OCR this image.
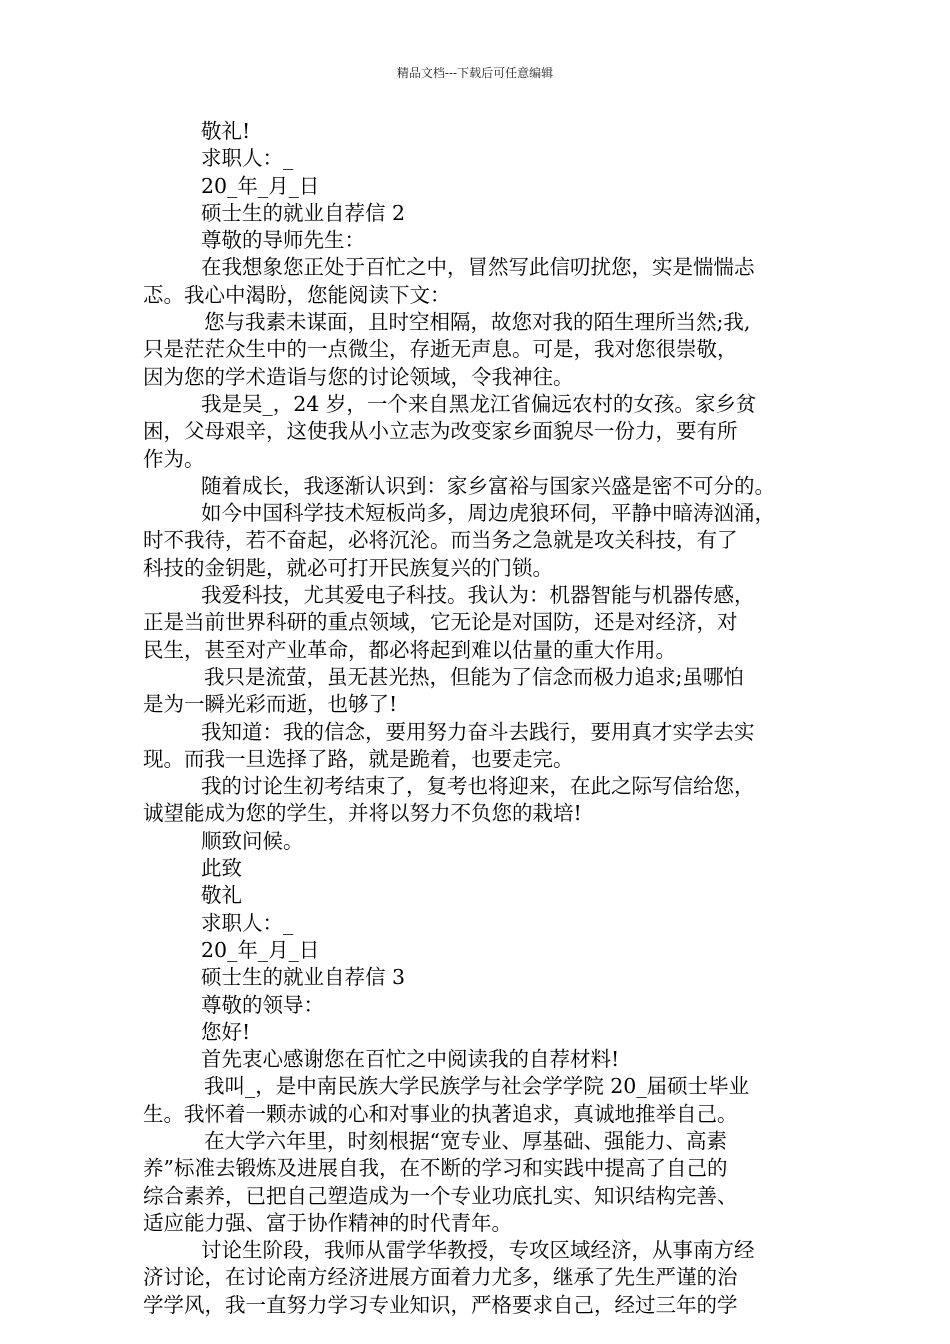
精品文档---下载后可任意编辑
敬礼!
求职人：_
20_年_月_日
硕士生的就业自荐信 2
尊敬的导师先生：
在我想象您正处于百忙之中，冒然写此信叨扰您，实是惴惴忐
忑。我心中渴盼，您能阅读下文：
您与我素未谋面，且时空相隔，故您对我的陌生理所当然;我,
只是茫茫众生中的一点微尘，存逝无声息。可是，我对您很崇敬，
因为您的学术造诣与您的讨论领域，令我神往。
我是吴_，24 岁，一个来自黑龙江省偏远农村的女孩。家乡贫
困，父母艰辛，这使我从小立志为改变家乡面貌尽一份力，要有所
作为。
随着成长，我逐渐认识到：家乡富裕与国家兴盛是密不可分的。
如今中国科学技术短板尚多，周边虎狼环伺，平静中暗涛汹涌，
时不我待，若不奋起，必将沉沦。而当务之急就是攻关科技，有了
科技的金钥匙，就必可打开民族复兴的门锁。
我爱科技，尤其爱电子科技。我认为：机器智能与机器传感，
正是当前世界科研的重点领域，它无论是对国防，还是对经济，对
民生，甚至对产业革命，都必将起到难以估量的重大作用。
我只是流萤，虽无甚光热，但能为了信念而极力追求;虽哪怕
是为一瞬光彩而逝，也够了!
我知道：我的信念，要用努力奋斗去践行，要用真才实学去实
现。而我一旦选择了路，就是跪着，也要走完。
我的讨论生初考结束了，复考也将迎来，在此之际写信给您，
诚望能成为您的学生，并将以努力不负您的栽培!
顺致问候。
此致
敬礼
求职人：_
20_年_月_日
硕士生的就业自荐信 3
尊敬的领导：
您好!
首先衷心感谢您在百忙之中阅读我的自荐材料!
我叫_，是中南民族大学民族学与社会学学院 20_届硕士毕业
生。我怀着一颗赤诚的心和对事业的执著追求，真诚地推举自己。
在大学六年里，时刻根据“宽专业、厚基础、强能力、高素
养”标准去锻炼及进展自我，在不断的学习和实践中提高了自己的
综合素养，已把自己塑造成为一个专业功底扎实、知识结构完善、
适应能力强、富于协作精神的时代青年。
讨论生阶段，我师从雷学华教授，专攻区域经济，从事南方经
济讨论，在讨论南方经济进展方面着力尤多，继承了先生严谨的治
学学风，我一直努力学习专业知识，严格要求自己，经过三年的学
